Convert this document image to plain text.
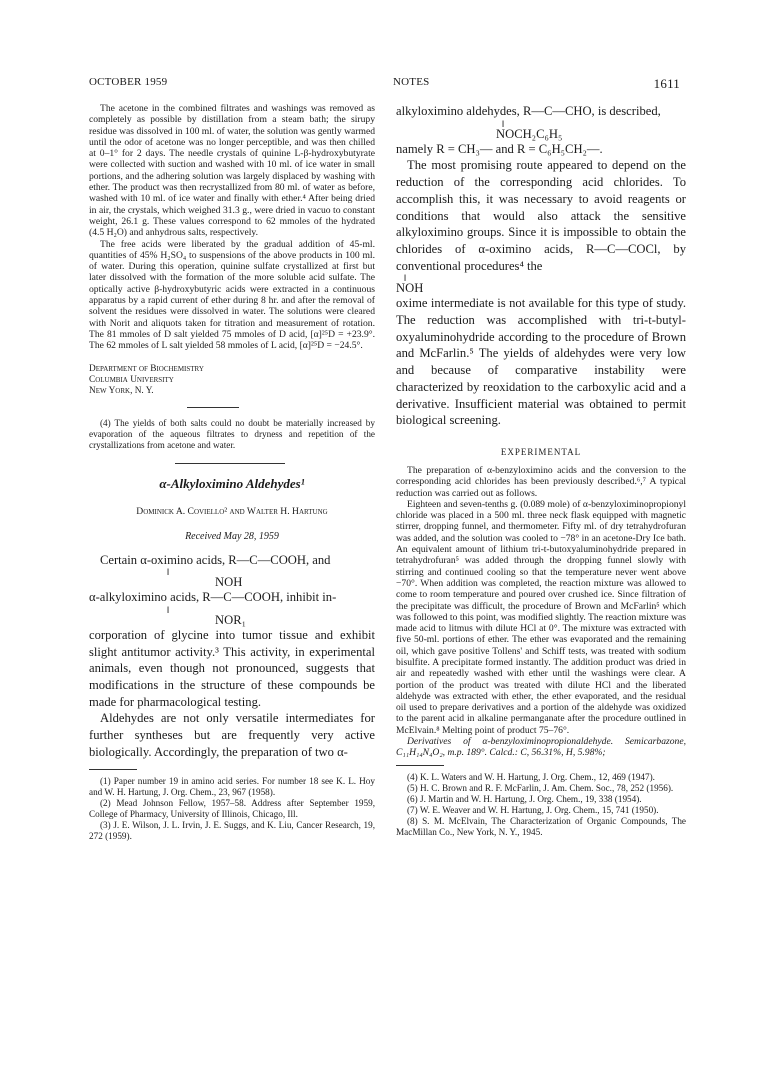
OCTOBER 1959	NOTES	1611

The acetone in the combined filtrates and washings was removed as completely as possible by distillation from a steam bath; the sirupy residue was dissolved in 100 ml. of water, the solution was gently warmed until the odor of acetone was no longer perceptible, and was then chilled at 0–1° for 2 days. The needle crystals of quinine L-β-hydroxybutyrate were collected with suction and washed with 10 ml. of ice water in small portions, and the adhering solution was largely displaced by washing with ether. The product was then recrystallized from 80 ml. of water as before, washed with 10 ml. of ice water and finally with ether.⁴ After being dried in air, the crystals, which weighed 31.3 g., were dried in vacuo to constant weight, 26.1 g. These values correspond to 62 mmoles of the hydrated (4.5 H₂O) and anhydrous salts, respectively.

The free acids were liberated by the gradual addition of 45-ml. quantities of 45% H₂SO₄ to suspensions of the above products in 100 ml. of water. During this operation, quinine sulfate crystallized at first but later dissolved with the formation of the more soluble acid sulfate. The optically active β-hydroxybutyric acids were extracted in a continuous apparatus by a rapid current of ether during 8 hr. and after the removal of solvent the residues were dissolved in water. The solutions were cleared with Norit and aliquots taken for titration and measurement of rotation. The 81 mmoles of D salt yielded 75 mmoles of D acid, [α]²⁵D = +23.9°. The 62 mmoles of L salt yielded 58 mmoles of L acid, [α]²⁵D = −24.5°.

Department of Biochemistry
Columbia University
New York, N. Y.

(4) The yields of both salts could no doubt be materially increased by evaporation of the aqueous filtrates to dryness and repetition of the crystallizations from acetone and water.

α-Alkyloximino Aldehydes¹

Dominick A. Coviello² and Walter H. Hartung

Received May 28, 1959

Certain α-oximino acids, R—C—COOH, and

‖

NOH

α-alkyloximino acids, R—C—COOH, inhibit in-

‖

NOR₁

corporation of glycine into tumor tissue and exhibit slight antitumor activity.³ This activity, in experimental animals, even though not pronounced, suggests that modifications in the structure of these compounds be made for pharmacological testing.

Aldehydes are not only versatile intermediates for further syntheses but are frequently very active biologically. Accordingly, the preparation of two α-

(1) Paper number 19 in amino acid series. For number 18 see K. L. Hoy and W. H. Hartung, J. Org. Chem., 23, 967 (1958).

(2) Mead Johnson Fellow, 1957–58. Address after September 1959, College of Pharmacy, University of Illinois, Chicago, Ill.

(3) J. E. Wilson, J. L. Irvin, J. E. Suggs, and K. Liu, Cancer Research, 19, 272 (1959).

alkyloximino aldehydes, R—C—CHO, is described,

‖

NOCH₂C₆H₅

namely R = CH₃— and R = C₆H₅CH₂—.

The most promising route appeared to depend on the reduction of the corresponding acid chlorides. To accomplish this, it was necessary to avoid reagents or conditions that would also attack the sensitive alkyloximino groups. Since it is impossible to obtain the chlorides of α-oximino acids, R—C—COCl, by conventional procedures⁴ the

‖

NOH

oxime intermediate is not available for this type of study. The reduction was accomplished with tri-t-butyl-oxyaluminohydride according to the procedure of Brown and McFarlin.⁵ The yields of aldehydes were very low and because of comparative instability were characterized by reoxidation to the carboxylic acid and a derivative. Insufficient material was obtained to permit biological screening.

EXPERIMENTAL

The preparation of α-benzyloximino acids and the conversion to the corresponding acid chlorides has been previously described.⁶,⁷ A typical reduction was carried out as follows.

Eighteen and seven-tenths g. (0.089 mole) of α-benzyloximinopropionyl chloride was placed in a 500 ml. three neck flask equipped with magnetic stirrer, dropping funnel, and thermometer. Fifty ml. of dry tetrahydrofuran was added, and the solution was cooled to −78° in an acetone-Dry Ice bath. An equivalent amount of lithium tri-t-butoxyaluminohydride prepared in tetrahydrofuran⁵ was added through the dropping funnel slowly with stirring and continued cooling so that the temperature never went above −70°. When addition was completed, the reaction mixture was allowed to come to room temperature and poured over crushed ice. Since filtration of the precipitate was difficult, the procedure of Brown and McFarlin⁵ which was followed to this point, was modified slightly. The reaction mixture was made acid to litmus with dilute HCl at 0°. The mixture was extracted with five 50-ml. portions of ether. The ether was evaporated and the remaining oil, which gave positive Tollens' and Schiff tests, was treated with sodium bisulfite. A precipitate formed instantly. The addition product was dried in air and repeatedly washed with ether until the washings were clear. A portion of the product was treated with dilute HCl and the liberated aldehyde was extracted with ether, the ether evaporated, and the residual oil used to prepare derivatives and a portion of the aldehyde was oxidized to the parent acid in alkaline permanganate after the procedure outlined in McElvain.⁸ Melting point of product 75–76°.

Derivatives of α-benzyloximinopropionaldehyde. Semicarbazone, C₁₁H₁₄N₄O₂, m.p. 189°. Calcd.: C, 56.31%, H, 5.98%;

(4) K. L. Waters and W. H. Hartung, J. Org. Chem., 12, 469 (1947).

(5) H. C. Brown and R. F. McFarlin, J. Am. Chem. Soc., 78, 252 (1956).

(6) J. Martin and W. H. Hartung, J. Org. Chem., 19, 338 (1954).

(7) W. E. Weaver and W. H. Hartung, J. Org. Chem., 15, 741 (1950).

(8) S. M. McElvain, The Characterization of Organic Compounds, The MacMillan Co., New York, N. Y., 1945.
